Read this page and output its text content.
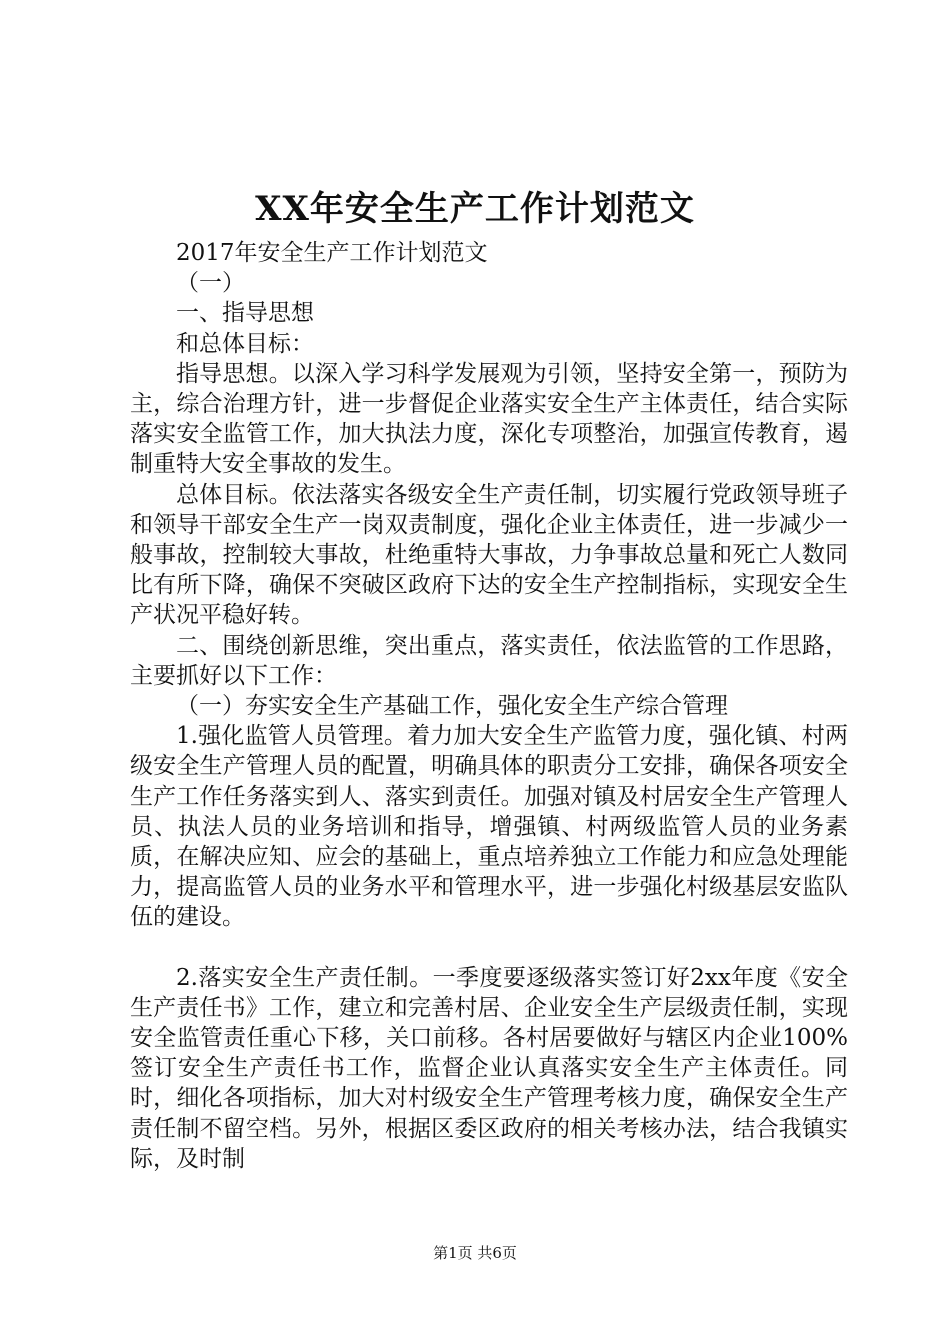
XX年安全生产工作计划范文

2017年安全生产工作计划范文

（一）

一、指导思想

和总体目标：

指导思想。以深入学习科学发展观为引领，坚持安全第一，预防为主，综合治理方针，进一步督促企业落实安全生产主体责任，结合实际落实安全监管工作，加大执法力度，深化专项整治，加强宣传教育，遏制重特大安全事故的发生。

总体目标。依法落实各级安全生产责任制，切实履行党政领导班子和领导干部安全生产一岗双责制度，强化企业主体责任，进一步减少一般事故，控制较大事故，杜绝重特大事故，力争事故总量和死亡人数同比有所下降，确保不突破区政府下达的安全生产控制指标，实现安全生产状况平稳好转。

二、围绕创新思维，突出重点，落实责任，依法监管的工作思路，主要抓好以下工作：

（一）夯实安全生产基础工作，强化安全生产综合管理

1.强化监管人员管理。着力加大安全生产监管力度，强化镇、村两级安全生产管理人员的配置，明确具体的职责分工安排，确保各项安全生产工作任务落实到人、落实到责任。加强对镇及村居安全生产管理人员、执法人员的业务培训和指导，增强镇、村两级监管人员的业务素质，在解决应知、应会的基础上，重点培养独立工作能力和应急处理能力，提高监管人员的业务水平和管理水平，进一步强化村级基层安监队伍的建设。

2.落实安全生产责任制。一季度要逐级落实签订好2xx年度《安全生产责任书》工作，建立和完善村居、企业安全生产层级责任制，实现安全监管责任重心下移，关口前移。各村居要做好与辖区内企业100%签订安全生产责任书工作，监督企业认真落实安全生产主体责任。同时，细化各项指标，加大对村级安全生产管理考核力度，确保安全生产责任制不留空档。另外，根据区委区政府的相关考核办法，结合我镇实际，及时制

第1页 共6页
